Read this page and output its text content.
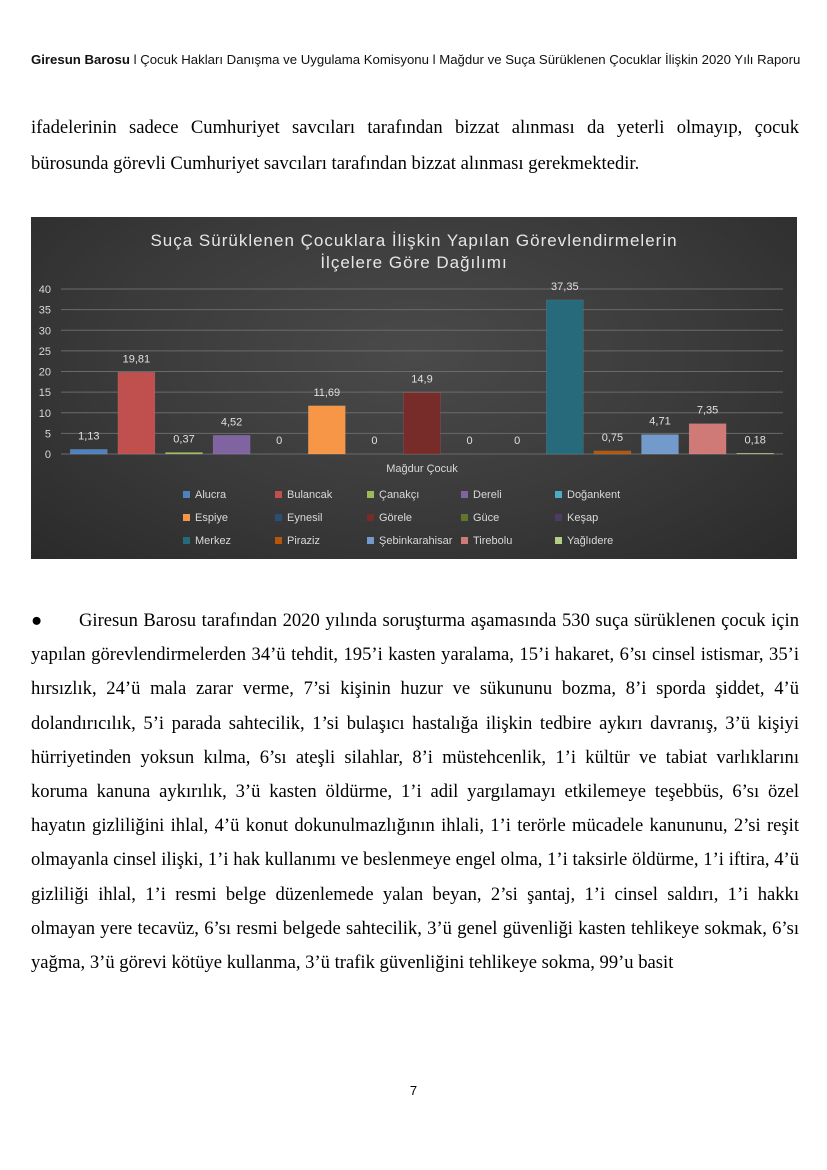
Giresun Barosu l Çocuk Hakları Danışma ve Uygulama Komisyonu l Mağdur ve Suça Sürüklenen Çocuklar İlişkin 2020 Yılı Raporu
ifadelerinin sadece Cumhuriyet savcıları tarafından bizzat alınması da yeterli olmayıp, çocuk bürosunda görevli Cumhuriyet savcıları tarafından bizzat alınması gerekmektedir.
Suça Sürüklenen Çocuklara İlişkin Yapılan Görevlendirmelerin
İlçelere Göre Dağılımı
0
5
10
15
20
25
30
35
40
1,13
19,81
0,37
4,52
0
11,69
0
14,9
0	0
37,35
0,75
4,71
7,35
0,18
Mağdur Çocuk
Alucra	Bulancak	Çanakçı	Dereli	Doğankent
Espiye	Eynesil	Görele	Güce	Keşap
Merkez	Piraziz	Şebinkarahisar Tirebolu	Yağlıdere
● Giresun Barosu tarafından 2020 yılında soruşturma aşamasında 530 suça sürüklenen çocuk için yapılan görevlendirmelerden 34’ü tehdit, 195’i kasten yaralama, 15’i hakaret, 6’sı cinsel istismar, 35’i hırsızlık, 24’ü mala zarar verme, 7’si kişinin huzur ve sükununu bozma, 8’i sporda şiddet, 4’ü dolandırıcılık, 5’i parada sahtecilik, 1’si bulaşıcı hastalığa ilişkin tedbire aykırı davranış, 3’ü kişiyi hürriyetinden yoksun kılma, 6’sı ateşli silahlar, 8’i müstehcenlik, 1’i kültür ve tabiat varlıklarını koruma kanuna aykırılık, 3’ü kasten öldürme, 1’i adil yargılamayı etkilemeye teşebbüs, 6’sı özel hayatın gizliliğini ihlal, 4’ü konut dokunulmazlığının ihlali, 1’i terörle mücadele kanununu, 2’si reşit olmayanla cinsel ilişki, 1’i hak kullanımı ve beslenmeye engel olma, 1’i taksirle öldürme, 1’i iftira, 4’ü gizliliği ihlal, 1’i resmi belge düzenlemede yalan beyan, 2’si şantaj, 1’i cinsel saldırı, 1’i hakkı olmayan yere tecavüz, 6’sı resmi belgede sahtecilik, 3’ü genel güvenliği kasten tehlikeye sokmak, 6’sı yağma, 3’ü görevi kötüye kullanma, 3’ü trafik güvenliğini tehlikeye sokma, 99’u basit
7
